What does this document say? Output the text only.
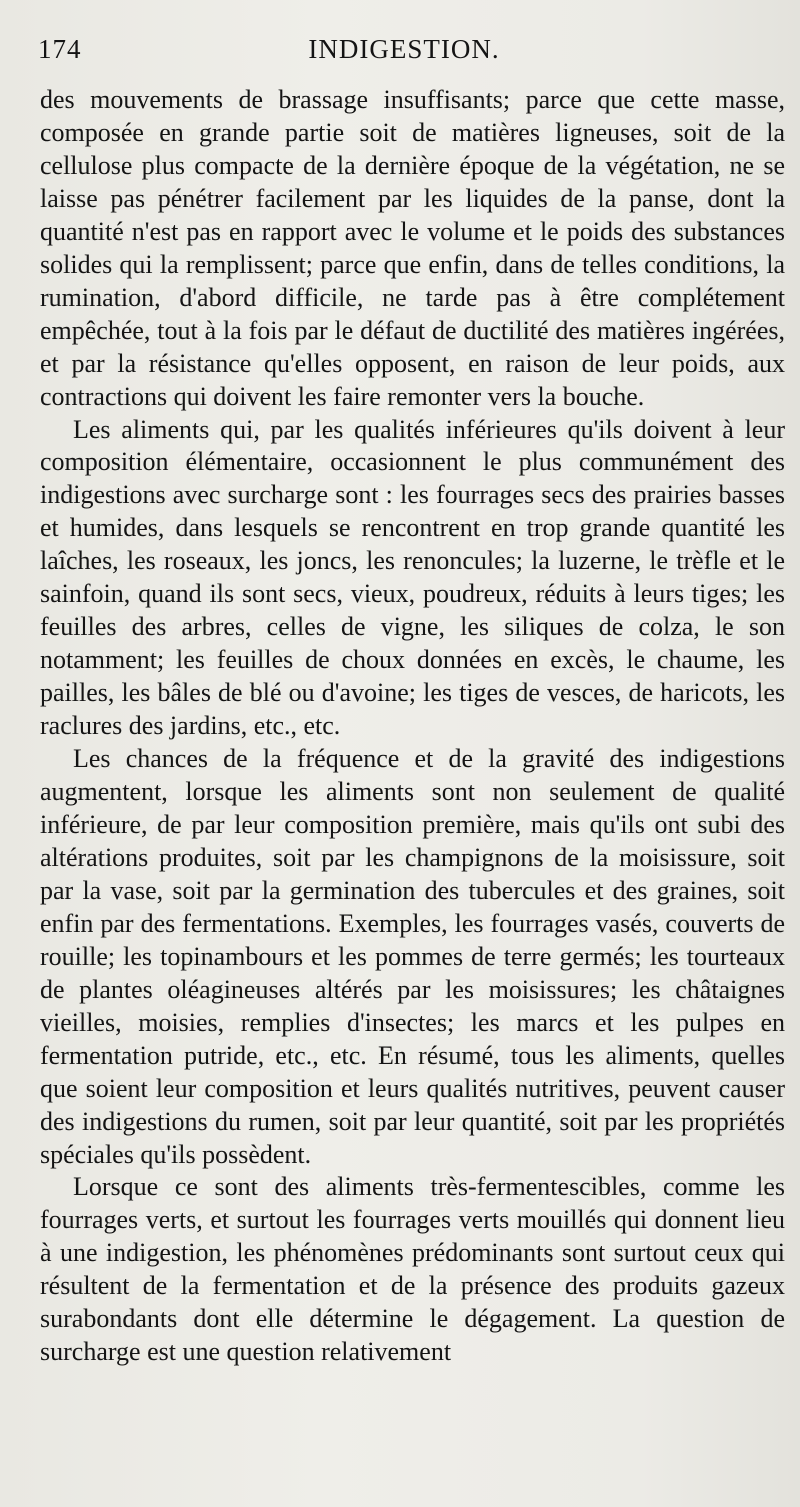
174	INDIGESTION.

des mouvements de brassage insuffisants; parce que cette masse, composée en grande partie soit de matières ligneuses, soit de la cellulose plus compacte de la dernière époque de la végétation, ne se laisse pas pénétrer facilement par les liquides de la panse, dont la quantité n'est pas en rapport avec le volume et le poids des substances solides qui la remplissent; parce que enfin, dans de telles conditions, la rumination, d'abord difficile, ne tarde pas à être complétement empêchée, tout à la fois par le défaut de ductilité des matières ingérées, et par la résistance qu'elles opposent, en raison de leur poids, aux contractions qui doivent les faire remonter vers la bouche.

Les aliments qui, par les qualités inférieures qu'ils doivent à leur composition élémentaire, occasionnent le plus communément des indigestions avec surcharge sont : les fourrages secs des prairies basses et humides, dans lesquels se rencontrent en trop grande quantité les laîches, les roseaux, les joncs, les renoncules; la luzerne, le trèfle et le sainfoin, quand ils sont secs, vieux, poudreux, réduits à leurs tiges; les feuilles des arbres, celles de vigne, les siliques de colza, le son notamment; les feuilles de choux données en excès, le chaume, les pailles, les bâles de blé ou d'avoine; les tiges de vesces, de haricots, les raclures des jardins, etc., etc.

Les chances de la fréquence et de la gravité des indigestions augmentent, lorsque les aliments sont non seulement de qualité inférieure, de par leur composition première, mais qu'ils ont subi des altérations produites, soit par les champignons de la moisissure, soit par la vase, soit par la germination des tubercules et des graines, soit enfin par des fermentations. Exemples, les fourrages vasés, couverts de rouille; les topinambours et les pommes de terre germés; les tourteaux de plantes oléagineuses altérés par les moisissures; les châtaignes vieilles, moisies, remplies d'insectes; les marcs et les pulpes en fermentation putride, etc., etc. En résumé, tous les aliments, quelles que soient leur composition et leurs qualités nutritives, peuvent causer des indigestions du rumen, soit par leur quantité, soit par les propriétés spéciales qu'ils possèdent.

Lorsque ce sont des aliments très-fermentescibles, comme les fourrages verts, et surtout les fourrages verts mouillés qui donnent lieu à une indigestion, les phénomènes prédominants sont surtout ceux qui résultent de la fermentation et de la présence des produits gazeux surabondants dont elle détermine le dégagement. La question de surcharge est une question relativement
